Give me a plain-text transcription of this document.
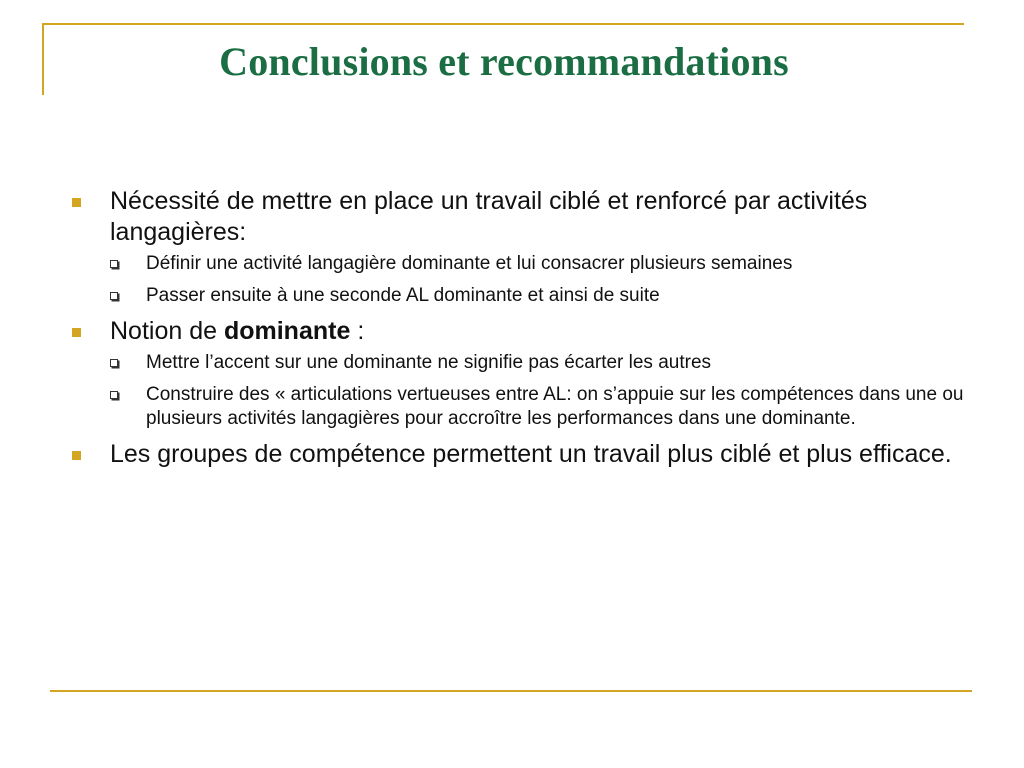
Conclusions et recommandations
Nécessité de mettre en place un travail ciblé et renforcé par activités langagières:
Définir une activité langagière dominante et lui consacrer plusieurs semaines
Passer ensuite à une seconde AL dominante et ainsi de suite
Notion de dominante :
Mettre l’accent sur une dominante ne signifie pas écarter les autres
Construire des « articulations vertueuses entre AL: on s’appuie sur les compétences dans une ou plusieurs activités langagières pour accroître les performances dans une dominante.
Les groupes de compétence permettent un travail plus ciblé et plus efficace.
